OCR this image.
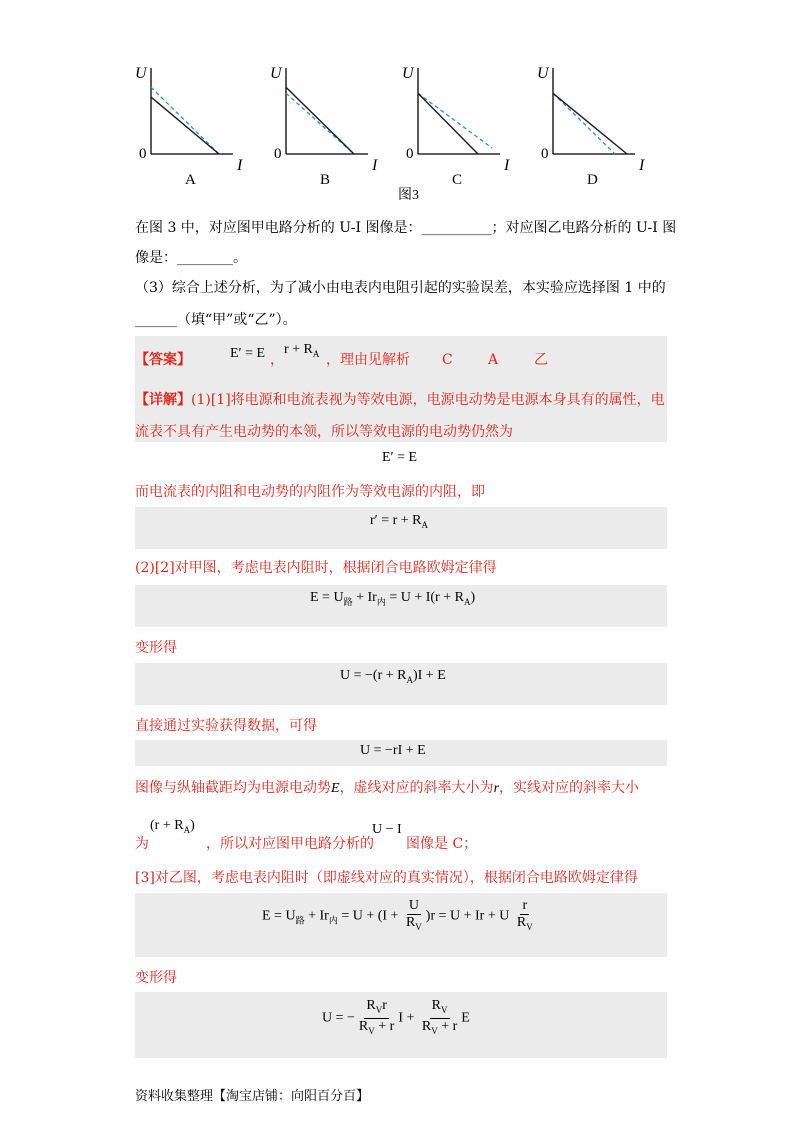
U
I
0
A
U
I
0
B
U
I
0
C
U
I
0
D
图3
在图 3 中，对应图甲电路分析的 U-I 图像是：__________；对应图乙电路分析的 U-I 图
像是：________。
（3）综合上述分析，为了减小由电表内电阻引起的实验误差，本实验应选择图 1 中的
______（填“甲”或“乙”）。
【答案】	E′ = E ，
$r + R_A$ ，理由见解析 C	A	乙
【详解】 (1)[1]将电源和电流表视为等效电源，电源电动势是电源本身具有的属性，电
流表不具有产生电动势的本领，所以等效电源的电动势仍然为
E′ = E
而电流表的内阻和电动势的内阻作为等效电源的内阻，即
$r' = r + R_A$
(2)[2]对甲图，考虑电表内阻时，根据闭合电路欧姆定律得
$E = U_路 + Ir_内 = U + I(r + R_A)$
变形得
$U = -(r + R_A)I + E$
直接通过实验获得数据，可得
U = −rI + E
图像与纵轴截距均为电源电动势E，虚线对应的斜率大小为r，实线对应的斜率大小
为
$(r + R_A)$
，所以对应图甲电路分析的
U − I
图像是 C；
[3]对乙图，考虑电表内阻时（即虚线对应的真实情况），根据闭合电路欧姆定律得
$E = U_路 + Ir_内 = U + (I + \frac{U}{R_V} )r = U + Ir + U \frac{r}{R_V}$
变形得
U = − $\frac{R_Vr}{R_V + r}$ $I + \frac{R_V}{R_V + r}$ E
资料收集整理【淘宝店铺：向阳百分百】
